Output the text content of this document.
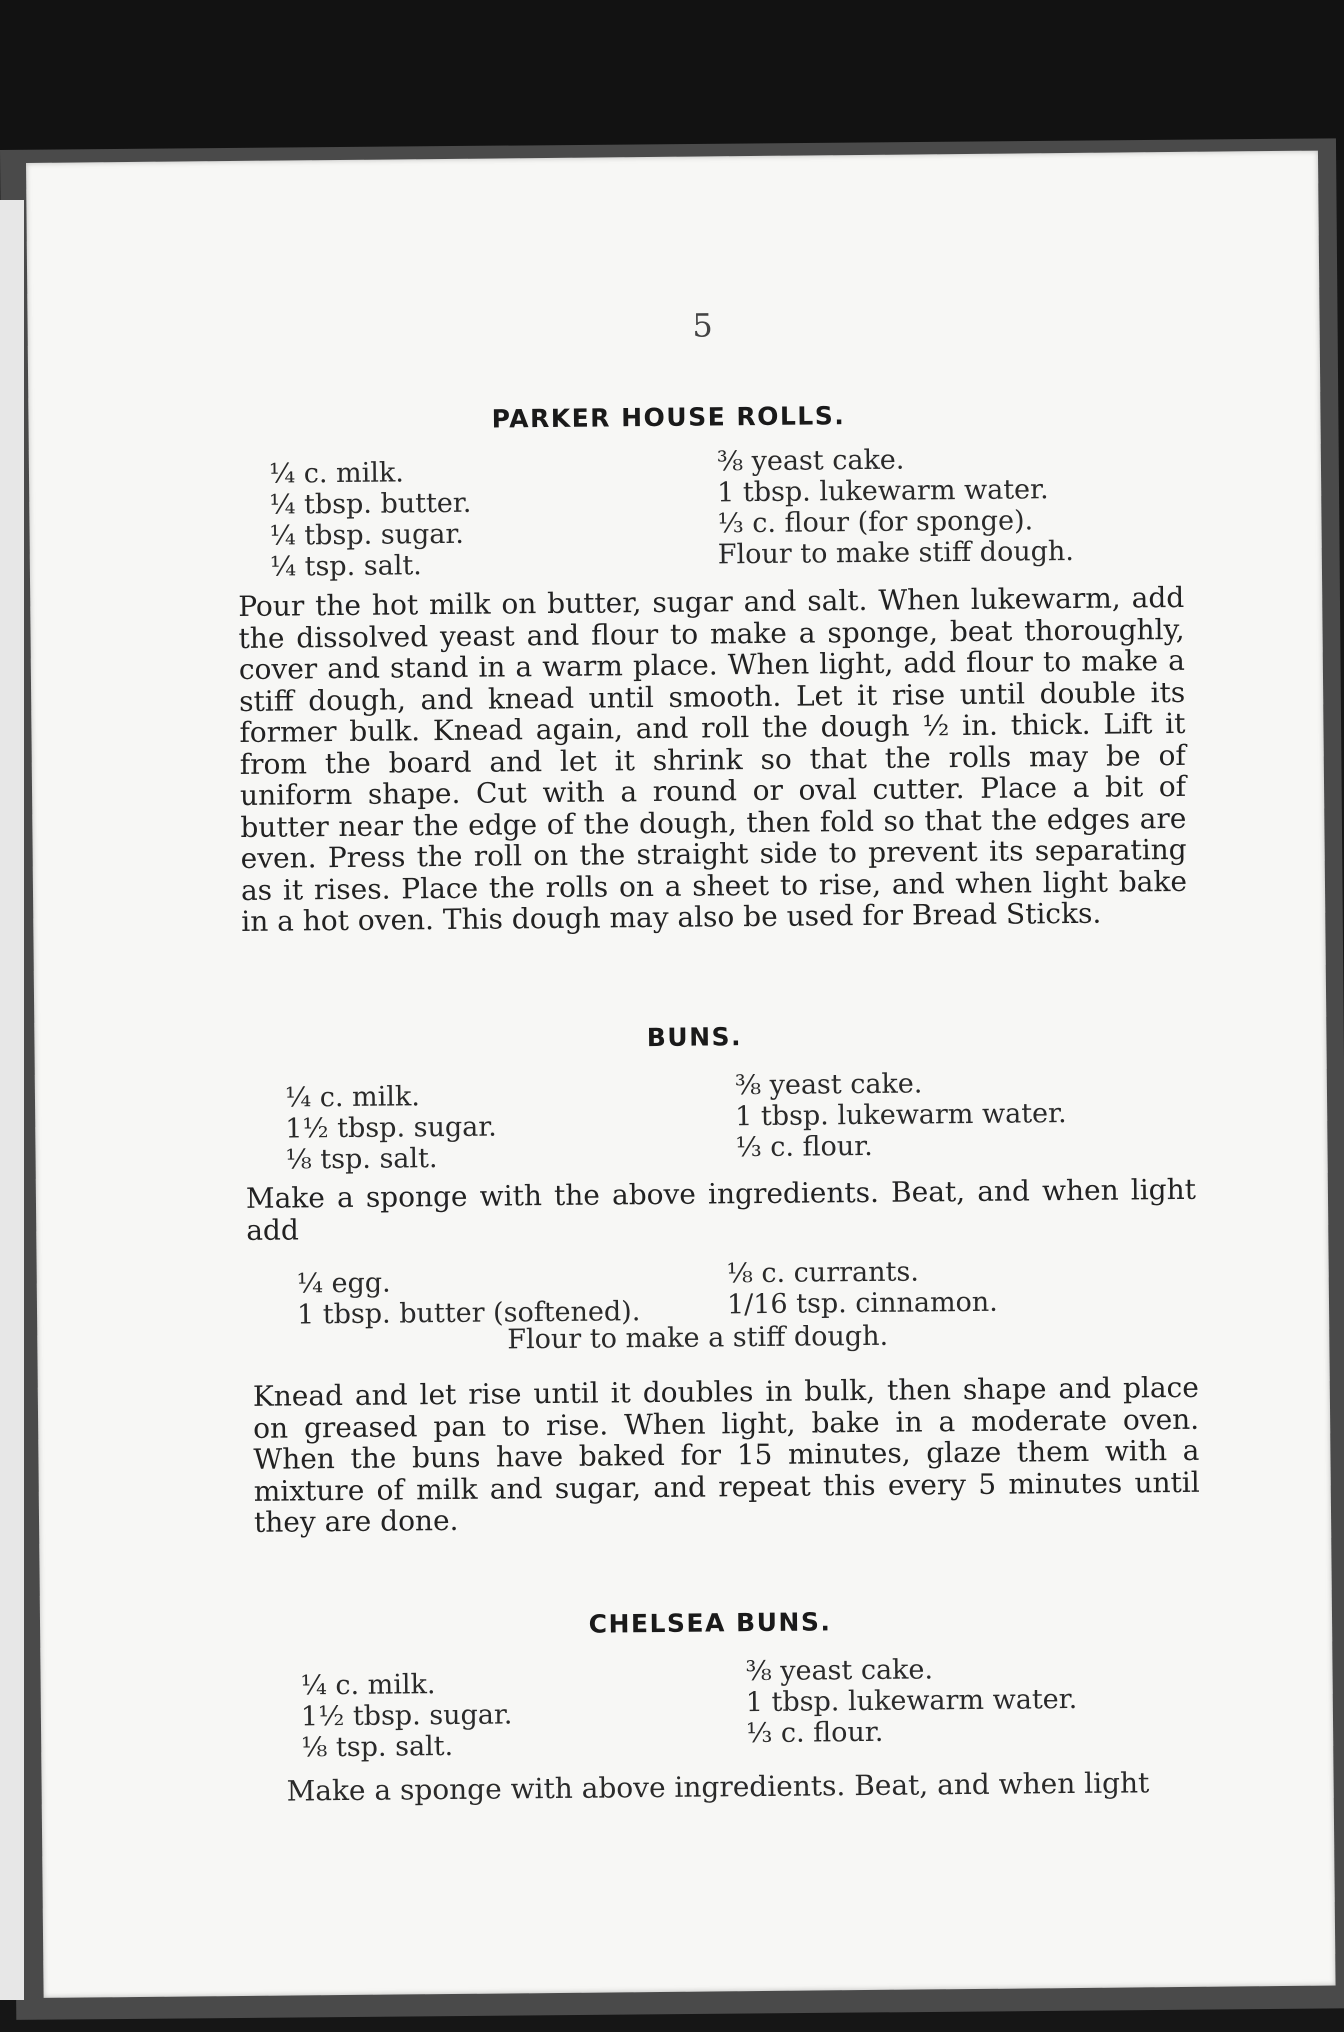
5
PARKER HOUSE ROLLS.
¼ c. milk.
¼ tbsp. butter.
¼ tbsp. sugar.
¼ tsp. salt.
⅜ yeast cake.
1 tbsp. lukewarm water.
⅓ c. flour (for sponge).
Flour to make stiff dough.
Pour the hot milk on butter, sugar and salt. When lukewarm, add the dissolved yeast and flour to make a sponge, beat thoroughly, cover and stand in a warm place. When light, add flour to make a stiff dough, and knead until smooth. Let it rise until double its former bulk. Knead again, and roll the dough ½ in. thick. Lift it from the board and let it shrink so that the rolls may be of uniform shape. Cut with a round or oval cutter. Place a bit of butter near the edge of the dough, then fold so that the edges are even. Press the roll on the straight side to prevent its separating as it rises. Place the rolls on a sheet to rise, and when light bake in a hot oven. This dough may also be used for Bread Sticks.
BUNS.
¼ c. milk.
1½ tbsp. sugar.
⅛ tsp. salt.
⅜ yeast cake.
1 tbsp. lukewarm water.
⅓ c. flour.
Make a sponge with the above ingredients. Beat, and when light add
¼ egg.
1 tbsp. butter (softened).
⅛ c. currants.
1/16 tsp. cinnamon.
Flour to make a stiff dough.
Knead and let rise until it doubles in bulk, then shape and place on greased pan to rise. When light, bake in a moderate oven. When the buns have baked for 15 minutes, glaze them with a mixture of milk and sugar, and repeat this every 5 minutes until they are done.
CHELSEA BUNS.
¼ c. milk.
1½ tbsp. sugar.
⅛ tsp. salt.
⅜ yeast cake.
1 tbsp. lukewarm water.
⅓ c. flour.
Make a sponge with above ingredients. Beat, and when light
